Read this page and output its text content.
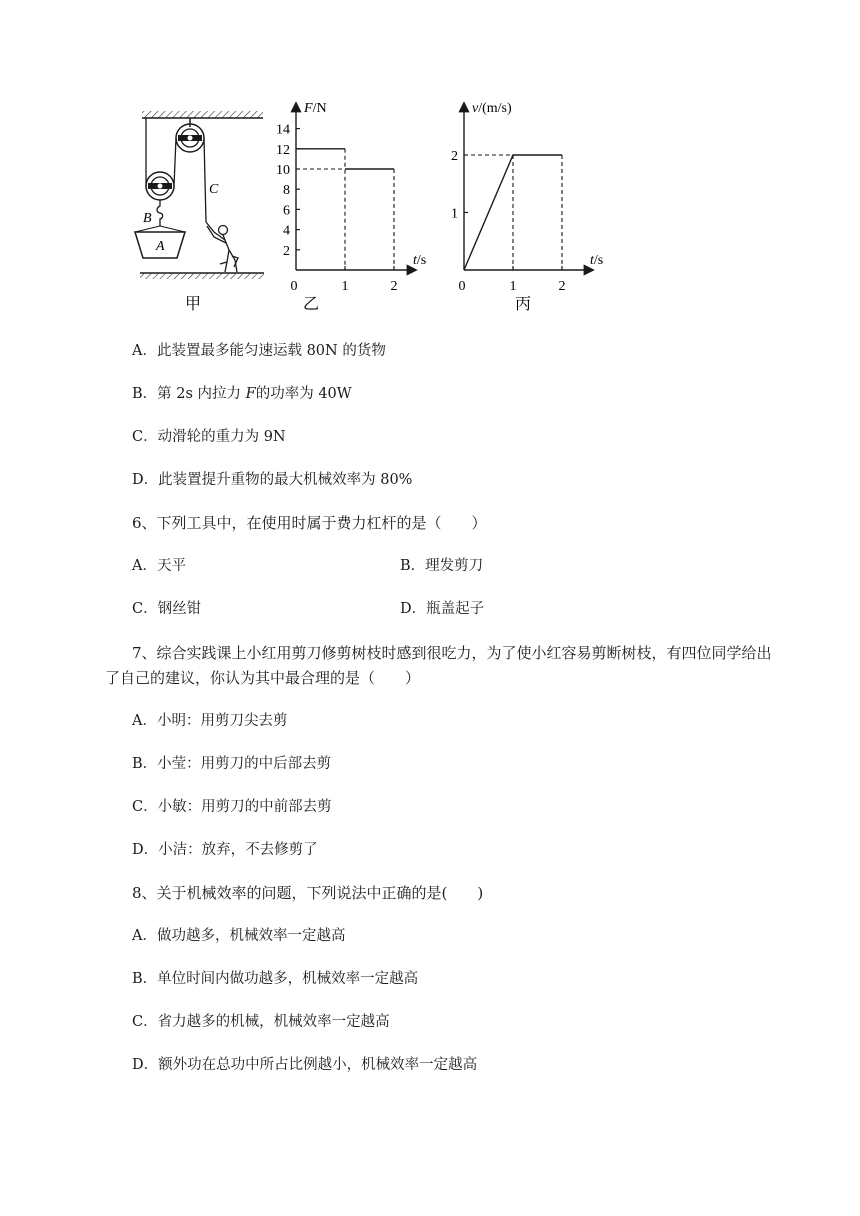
A
B
C
甲	乙
F/N
t/s
0
2
4
6
8
10
12
14
1	2
丙
v/(m/s)
t/s
0
1
2
1	2
A．此装置最多能匀速运载 80N 的货物
B．第 2s 内拉力 F的功率为 40W
C．动滑轮的重力为 9N
D．此装置提升重物的最大机械效率为 80%
6、下列工具中，在使用时属于费力杠杆的是（　　）
A．天平	B．理发剪刀
C．钢丝钳	D．瓶盖起子
7、综合实践课上小红用剪刀修剪树枝时感到很吃力，为了使小红容易剪断树枝，有四位同学给出
了自己的建议，你认为其中最合理的是（　　）
A．小明：用剪刀尖去剪
B．小莹：用剪刀的中后部去剪
C．小敏：用剪刀的中前部去剪
D．小洁：放弃，不去修剪了
8、关于机械效率的问题，下列说法中正确的是(　　)
A．做功越多，机械效率一定越高
B．单位时间内做功越多，机械效率一定越高
C．省力越多的机械，机械效率一定越高
D．额外功在总功中所占比例越小，机械效率一定越高
